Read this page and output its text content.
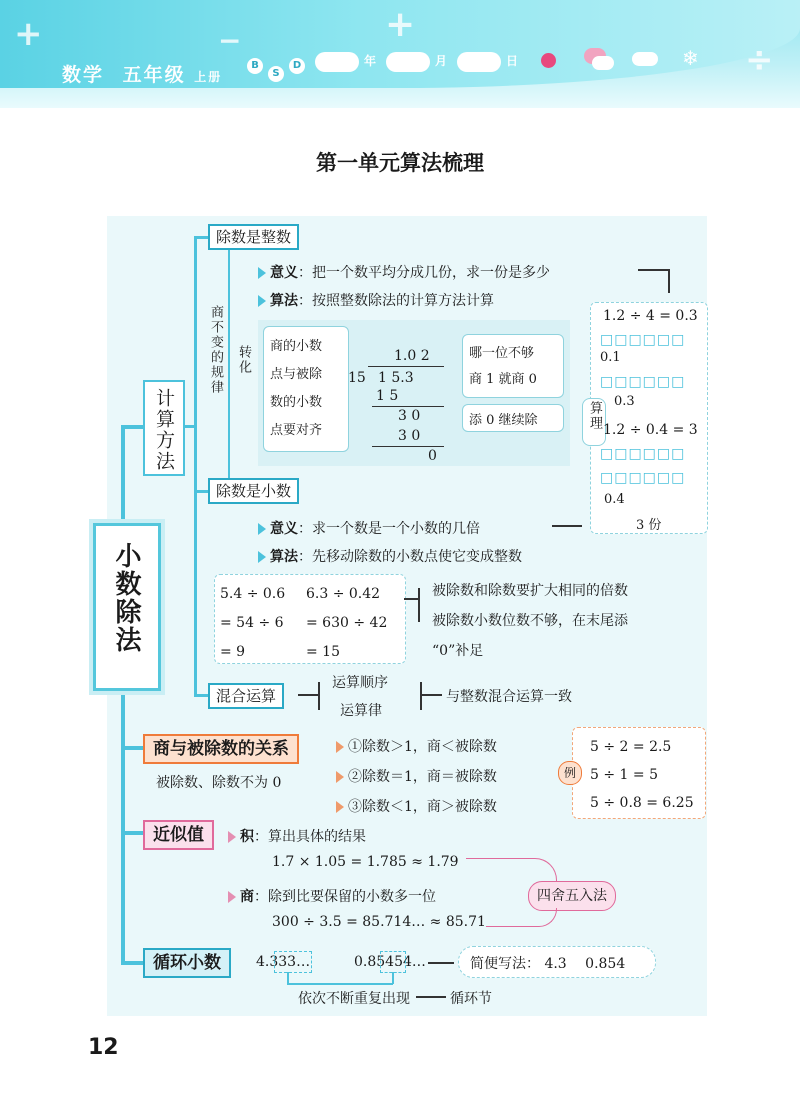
+	−	+
÷
数学 五年级 上册
B
S
D	年	月	日	❄
第一单元算法梳理
小数除法
计算方法
商不变的规律 转化
除数是整数
意义：把一个数平均分成几份，求一份是多少
算法：按照整数除法的计算方法计算
商的小数
点与被除
数的小数
点要对齐
1.0 2
15 1 5.3
1 5
3 0
3 0
0
哪一位不够
商 1 就商 0
添 0 继续除
1.2 ÷ 4 = 0.3
□□□□□□
0.1
□□□□□□
0.3
算理 1.2 ÷ 0.4 = 3
□□□□□□
□□□□□□
0.4
3 份
除数是小数
意义：求一个数是一个小数的几倍
算法：先移动除数的小数点使它变成整数
5.4 ÷ 0.6
= 54 ÷ 6
= 9
6.3 ÷ 0.42
= 630 ÷ 42
= 15
被除数和除数要扩大相同的倍数
被除数小数位数不够，在末尾添
“0”补足
混合运算
运算顺序
运算律
与整数混合运算一致
商与被除数的关系
被除数、除数不为 0
①除数＞1，商＜被除数
②除数＝1，商＝被除数
③除数＜1，商＞被除数
例
5 ÷ 2 = 2.5
5 ÷ 1 = 5
5 ÷ 0.8 = 6.25
近似值	积：算出具体的结果
1.7 × 1.05 = 1.785 ≈ 1.79
商：除到比要保留的小数多一位
300 ÷ 3.5 = 85.714… ≈ 85.71
四舍五入法
循环小数	4.333…	0.85454…	简便写法： 4.3 0.854
依次不断重复出现	循环节
12
